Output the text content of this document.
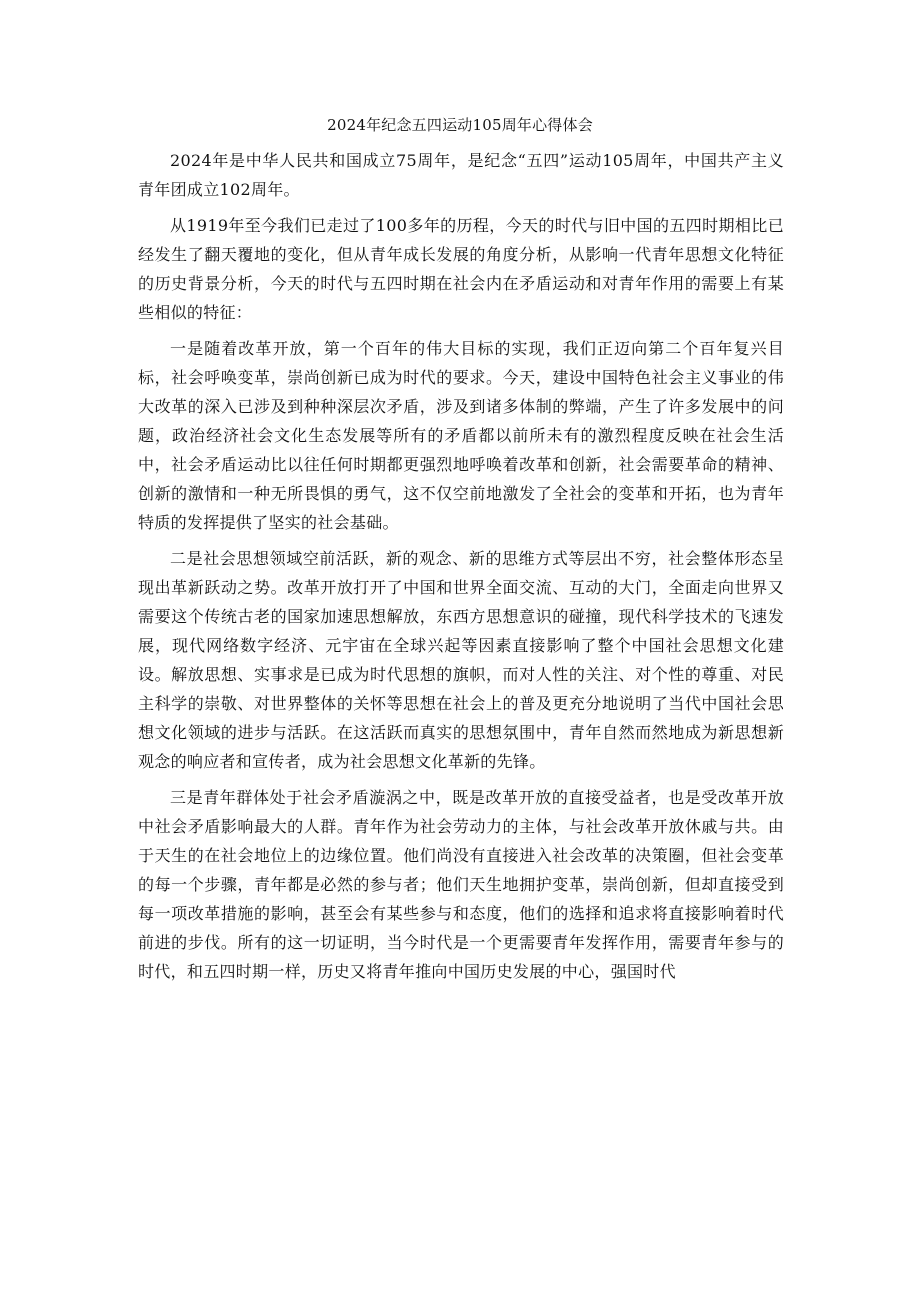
2024年纪念五四运动105周年心得体会

2024年是中华人民共和国成立75周年，是纪念“五四”运动105周年，中国共产主义青年团成立102周年。

从1919年至今我们已走过了100多年的历程，今天的时代与旧中国的五四时期相比已经发生了翻天覆地的变化，但从青年成长发展的角度分析，从影响一代青年思想文化特征的历史背景分析，今天的时代与五四时期在社会内在矛盾运动和对青年作用的需要上有某些相似的特征：

一是随着改革开放，第一个百年的伟大目标的实现，我们正迈向第二个百年复兴目标，社会呼唤变革，崇尚创新已成为时代的要求。今天，建设中国特色社会主义事业的伟大改革的深入已涉及到种种深层次矛盾，涉及到诸多体制的弊端，产生了许多发展中的问题，政治经济社会文化生态发展等所有的矛盾都以前所未有的激烈程度反映在社会生活中，社会矛盾运动比以往任何时期都更强烈地呼唤着改革和创新，社会需要革命的精神、创新的激情和一种无所畏惧的勇气，这不仅空前地激发了全社会的变革和开拓，也为青年特质的发挥提供了坚实的社会基础。

二是社会思想领域空前活跃，新的观念、新的思维方式等层出不穷，社会整体形态呈现出革新跃动之势。改革开放打开了中国和世界全面交流、互动的大门，全面走向世界又需要这个传统古老的国家加速思想解放，东西方思想意识的碰撞，现代科学技术的飞速发展，现代网络数字经济、元宇宙在全球兴起等因素直接影响了整个中国社会思想文化建设。解放思想、实事求是已成为时代思想的旗帜，而对人性的关注、对个性的尊重、对民主科学的崇敬、对世界整体的关怀等思想在社会上的普及更充分地说明了当代中国社会思想文化领域的进步与活跃。在这活跃而真实的思想氛围中，青年自然而然地成为新思想新观念的响应者和宣传者，成为社会思想文化革新的先锋。

三是青年群体处于社会矛盾漩涡之中，既是改革开放的直接受益者，也是受改革开放中社会矛盾影响最大的人群。青年作为社会劳动力的主体，与社会改革开放休戚与共。由于天生的在社会地位上的边缘位置。他们尚没有直接进入社会改革的决策圈，但社会变革的每一个步骤，青年都是必然的参与者；他们天生地拥护变革，崇尚创新，但却直接受到每一项改革措施的影响，甚至会有某些参与和态度，他们的选择和追求将直接影响着时代前进的步伐。所有的这一切证明，当今时代是一个更需要青年发挥作用，需要青年参与的时代，和五四时期一样，历史又将青年推向中国历史发展的中心，强国时代
